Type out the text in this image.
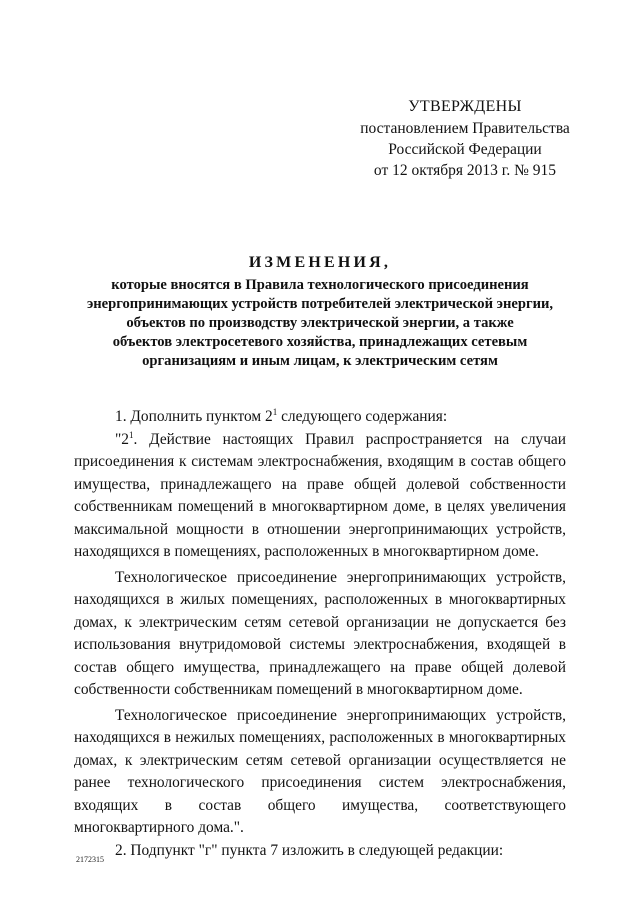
УТВЕРЖДЕНЫ
постановлением Правительства
Российской Федерации
от 12 октября 2013 г. № 915
ИЗМЕНЕНИЯ,
которые вносятся в Правила технологического присоединения
энергопринимающих устройств потребителей электрической энергии,
объектов по производству электрической энергии, а также
объектов электросетевого хозяйства, принадлежащих сетевым
организациям и иным лицам, к электрическим сетям
1. Дополнить пунктом $2^1$ следующего содержания:
"$2^1$. Действие настоящих Правил распространяется на случаи
присоединения к системам электроснабжения, входящим в состав общего
имущества, принадлежащего на праве общей долевой собственности
собственникам помещений в многоквартирном доме, в целях увеличения
максимальной мощности в отношении энергопринимающих устройств,
находящихся в помещениях, расположенных в многоквартирном доме.
Технологическое присоединение энергопринимающих устройств,
находящихся в жилых помещениях, расположенных в многоквартирных
домах, к электрическим сетям сетевой организации не допускается без
использования внутридомовой системы электроснабжения, входящей в
состав общего имущества, принадлежащего на праве общей долевой
собственности собственникам помещений в многоквартирном доме.
Технологическое присоединение энергопринимающих устройств,
находящихся в нежилых помещениях, расположенных в многоквартирных
домах, к электрическим сетям сетевой организации осуществляется не
ранее технологического присоединения систем электроснабжения,
входящих в состав общего имущества, соответствующего
многоквартирного дома.".
2. Подпункт "г" пункта 7 изложить в следующей редакции:
2172315
